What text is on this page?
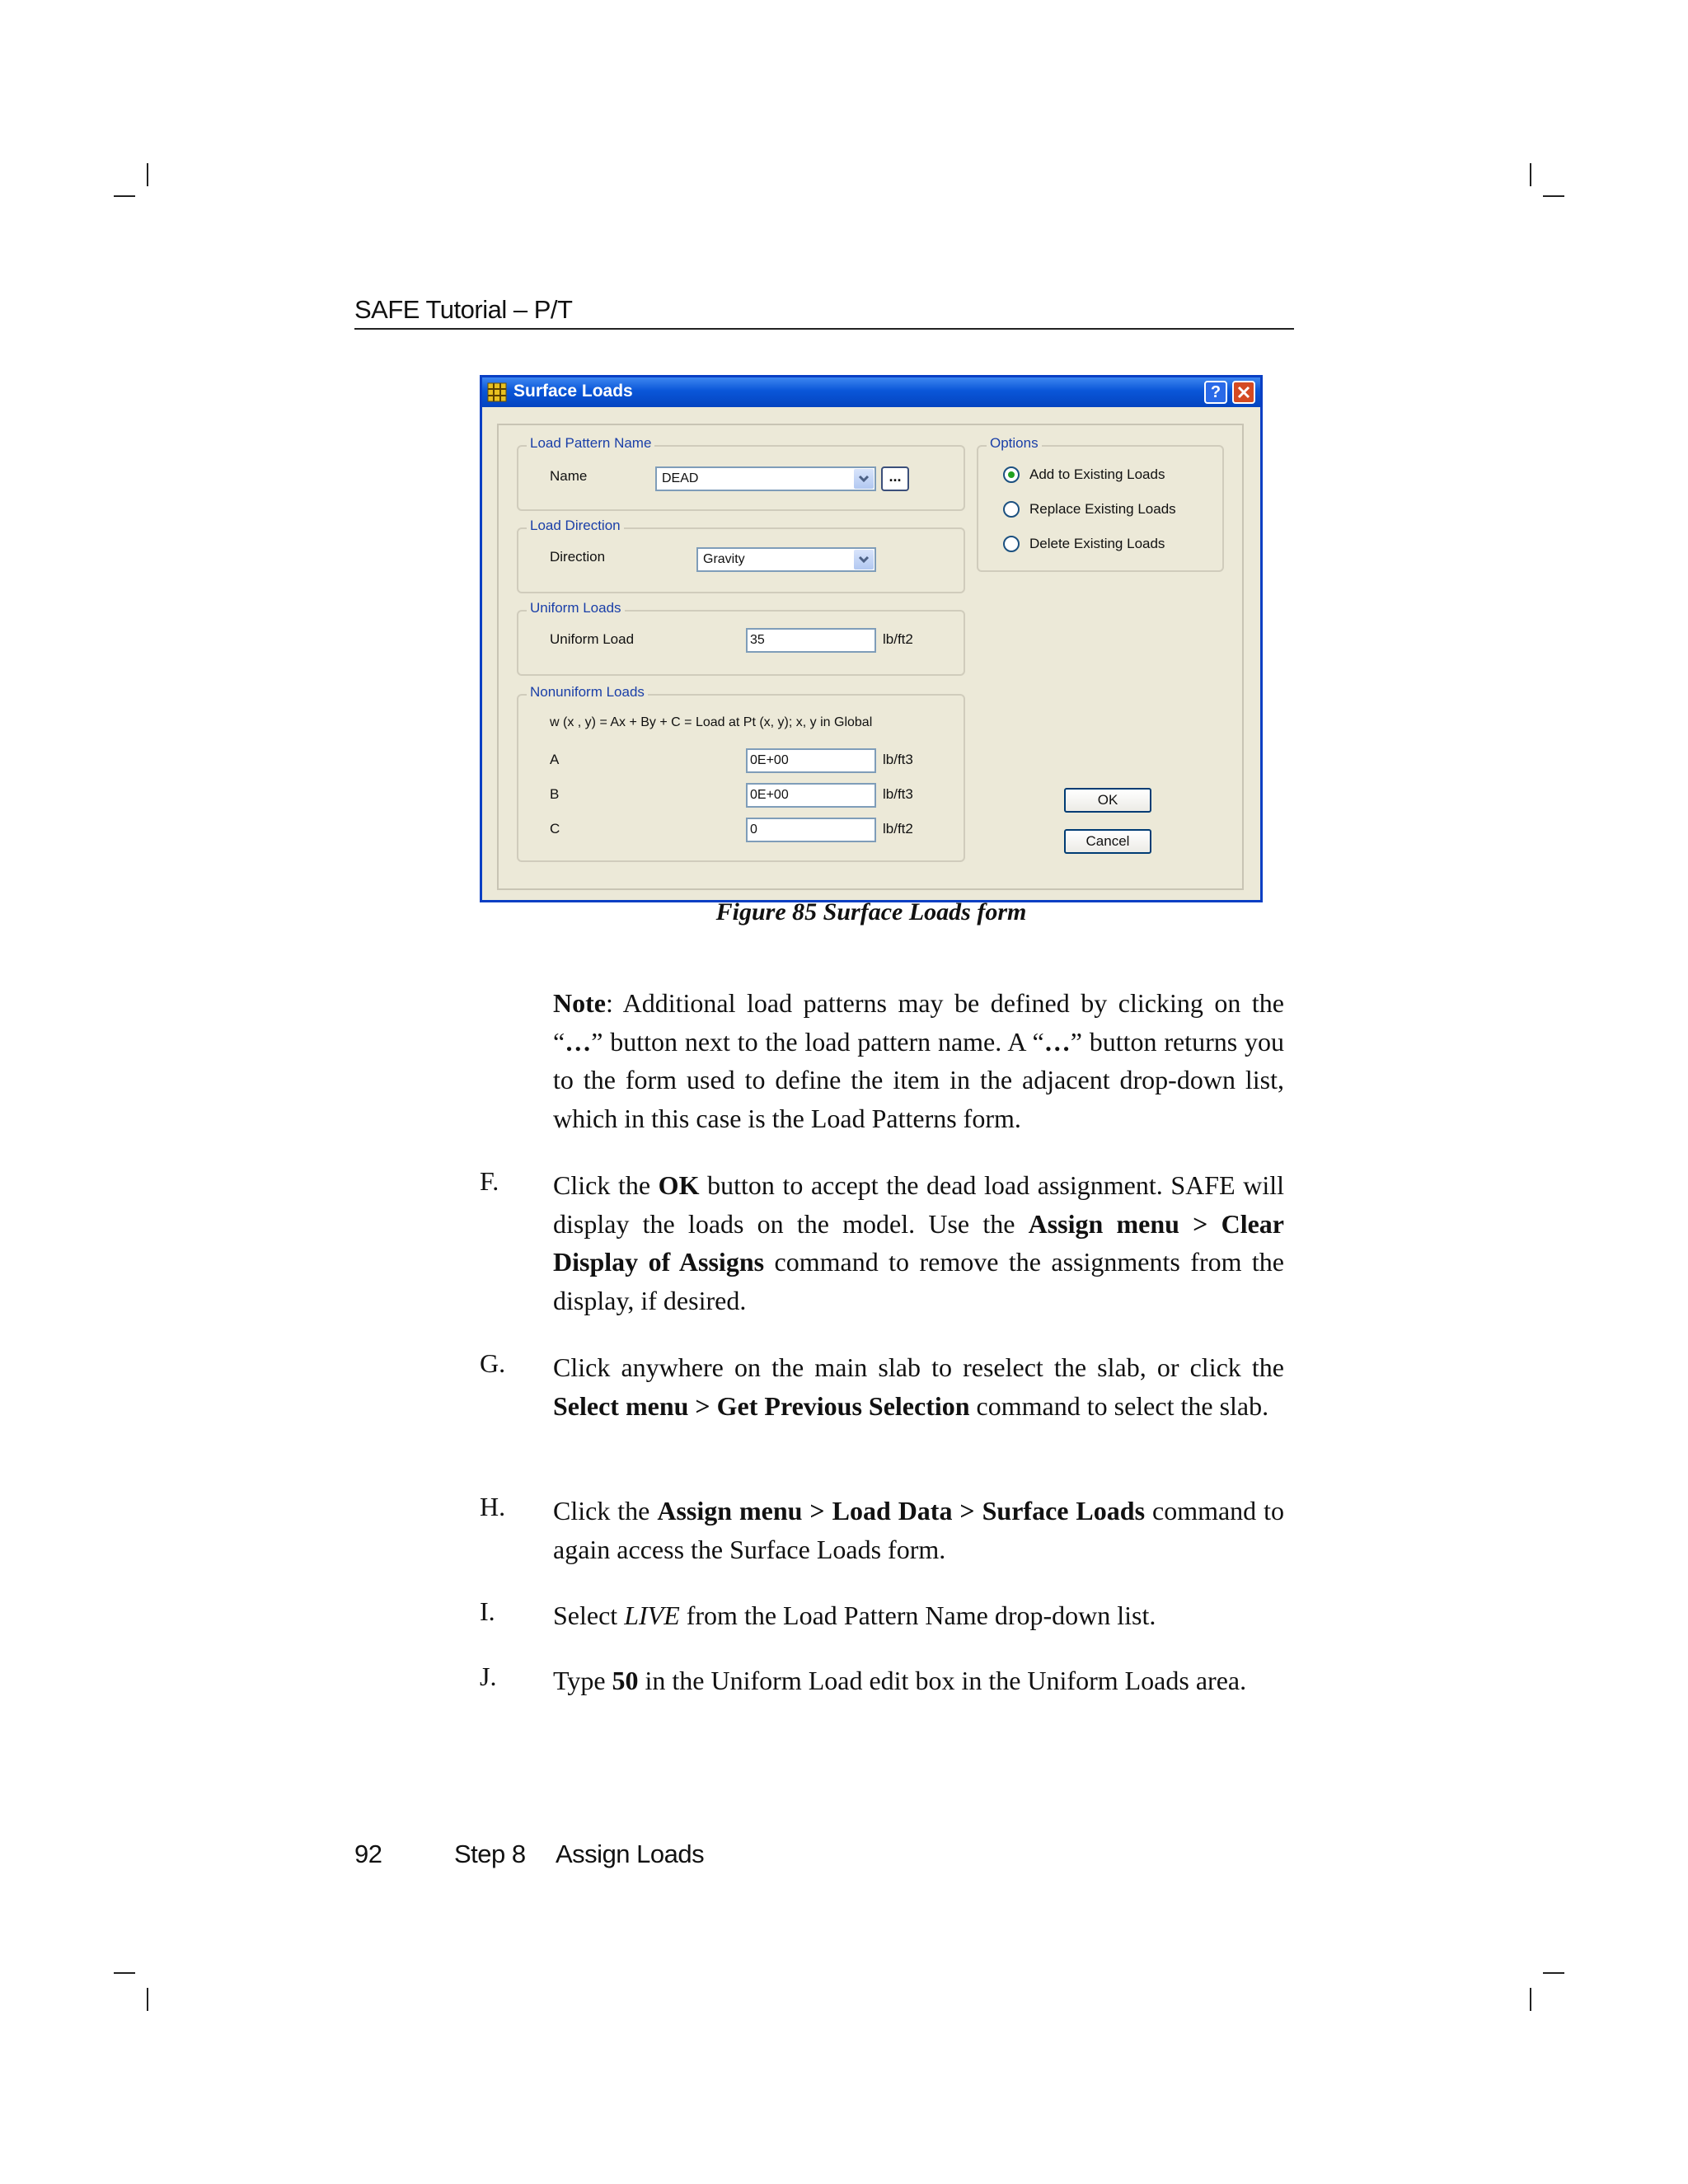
SAFE Tutorial – P/T
Surface Loads	?
Load Pattern Name
Name	DEAD	...
Load Direction
Direction	Gravity
Uniform Loads
Uniform Load	35	lb/ft2
Nonuniform Loads
w (x , y) = Ax + By + C = Load at Pt (x, y); x, y in Global
A	0E+00	lb/ft3
B	0E+00	lb/ft3
C	0	lb/ft2
Options
Add to Existing Loads
Replace Existing Loads
Delete Existing Loads
OK
Cancel
Figure 85 Surface Loads form
Note: Additional load patterns may be defined by clicking on the “…” button next to the load pattern name. A “…” button returns you to the form used to define the item in the adjacent drop-down list, which in this case is the Load Patterns form.
F. Click the OK button to accept the dead load assignment. SAFE will display the loads on the model. Use the Assign menu > Clear Display of Assigns command to remove the assignments from the display, if desired.
G. Click anywhere on the main slab to reselect the slab, or click the Select menu > Get Previous Selection command to select the slab.
H. Click the Assign menu > Load Data > Surface Loads command to again access the Surface Loads form.
I. Select LIVE from the Load Pattern Name drop-down list.
J. Type 50 in the Uniform Load edit box in the Uniform Loads area.
92	Step 8 Assign Loads
